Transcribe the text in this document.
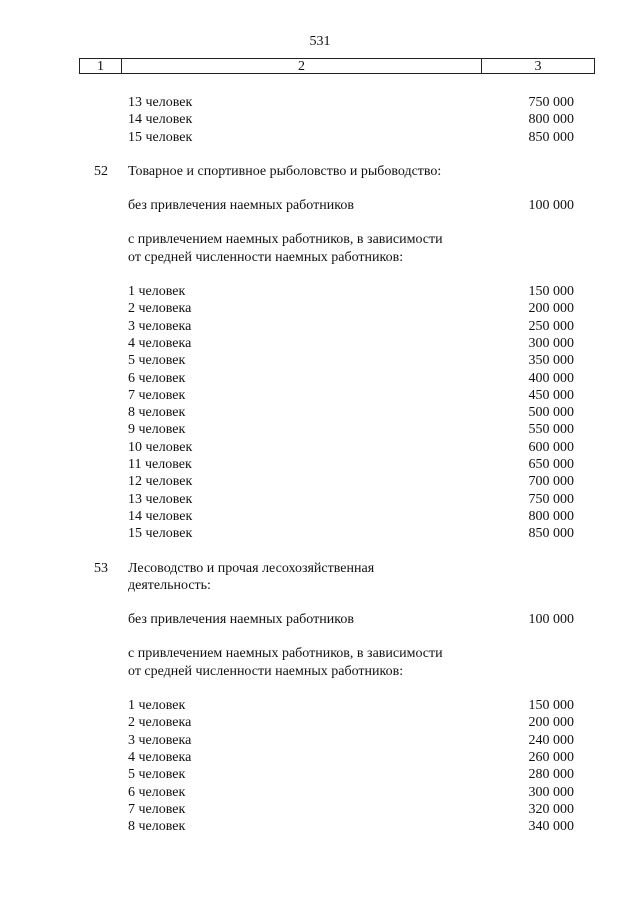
531
1	2	3
13 человек	750 000
14 человек	800 000
15 человек	850 000
52 Товарное и спортивное рыболовство и рыбоводство:
без привлечения наемных работников	100 000
с привлечением наемных работников, в зависимости
от средней численности наемных работников:
1 человек	150 000
2 человека	200 000
3 человека	250 000
4 человека	300 000
5 человек	350 000
6 человек	400 000
7 человек	450 000
8 человек	500 000
9 человек	550 000
10 человек	600 000
11 человек	650 000
12 человек	700 000
13 человек	750 000
14 человек	800 000
15 человек	850 000
53 Лесоводство и прочая лесохозяйственная
деятельность:
без привлечения наемных работников	100 000
с привлечением наемных работников, в зависимости
от средней численности наемных работников:
1 человек	150 000
2 человека	200 000
3 человека	240 000
4 человека	260 000
5 человек	280 000
6 человек	300 000
7 человек	320 000
8 человек	340 000
